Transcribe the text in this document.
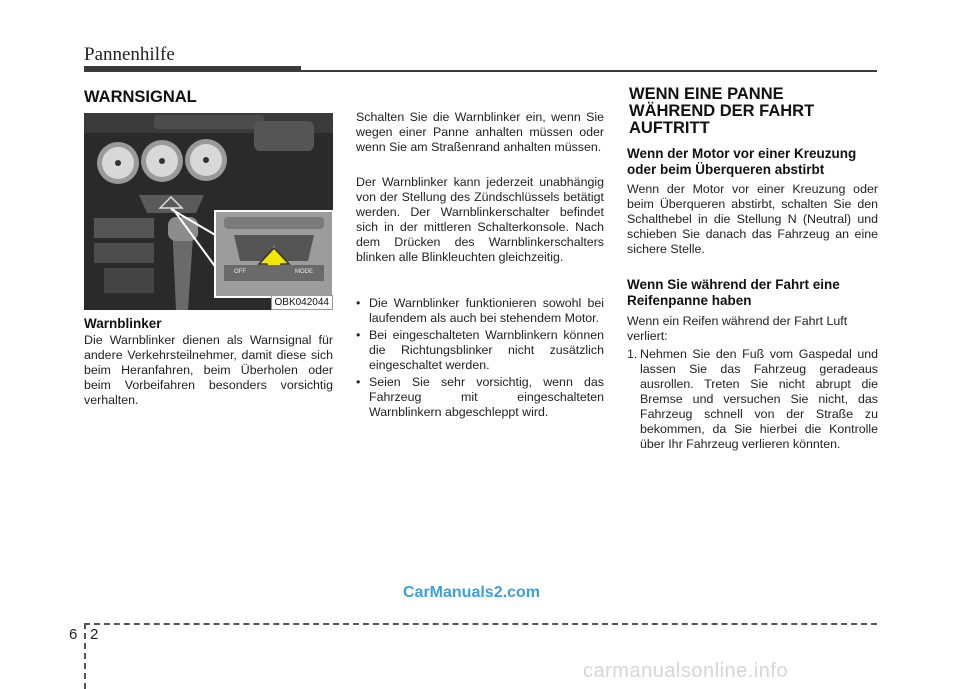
Pannenhilfe
WARNSIGNAL
OFF	MODE
OBK042044
Warnblinker

Die Warnblinker dienen als Warnsignal für andere Verkehrsteilnehmer, damit diese sich beim Heranfahren, beim Überholen oder beim Vorbeifahren besonders vorsichtig verhalten.

Schalten Sie die Warnblinker ein, wenn Sie wegen einer Panne anhalten müssen oder wenn Sie am Straßenrand anhalten müssen.

Der Warnblinker kann jederzeit unabhängig von der Stellung des Zündschlüssels betätigt werden. Der Warnblinkerschalter befindet sich in der mittleren Schalterkonsole. Nach dem Drücken des Warnblinkerschalters blinken alle Blinkleuchten gleichzeitig.

• Die Warnblinker funktionieren sowohl bei laufendem als auch bei stehendem Motor.
• Bei eingeschalteten Warnblinkern können die Richtungsblinker nicht zusätzlich eingeschaltet werden.
• Seien Sie sehr vorsichtig, wenn das Fahrzeug mit eingeschalteten Warnblinkern abgeschleppt wird.
WENN EINE PANNE
WÄHREND DER FAHRT
AUFTRITT
Wenn der Motor vor einer Kreuzung oder beim Überqueren abstirbt

Wenn der Motor vor einer Kreuzung oder beim Überqueren abstirbt, schalten Sie den Schalthebel in die Stellung N (Neutral) und schieben Sie danach das Fahrzeug an eine sichere Stelle.

Wenn Sie während der Fahrt eine Reifenpanne haben

Wenn ein Reifen während der Fahrt Luft verliert:

1. Nehmen Sie den Fuß vom Gaspedal und lassen Sie das Fahrzeug geradeaus ausrollen. Treten Sie nicht abrupt die Bremse und versuchen Sie nicht, das Fahrzeug schnell von der Straße zu bekommen, da Sie hierbei die Kontrolle über Ihr Fahrzeug verlieren könnten.
CarManuals2.com
6 2
carmanualsonline.info
